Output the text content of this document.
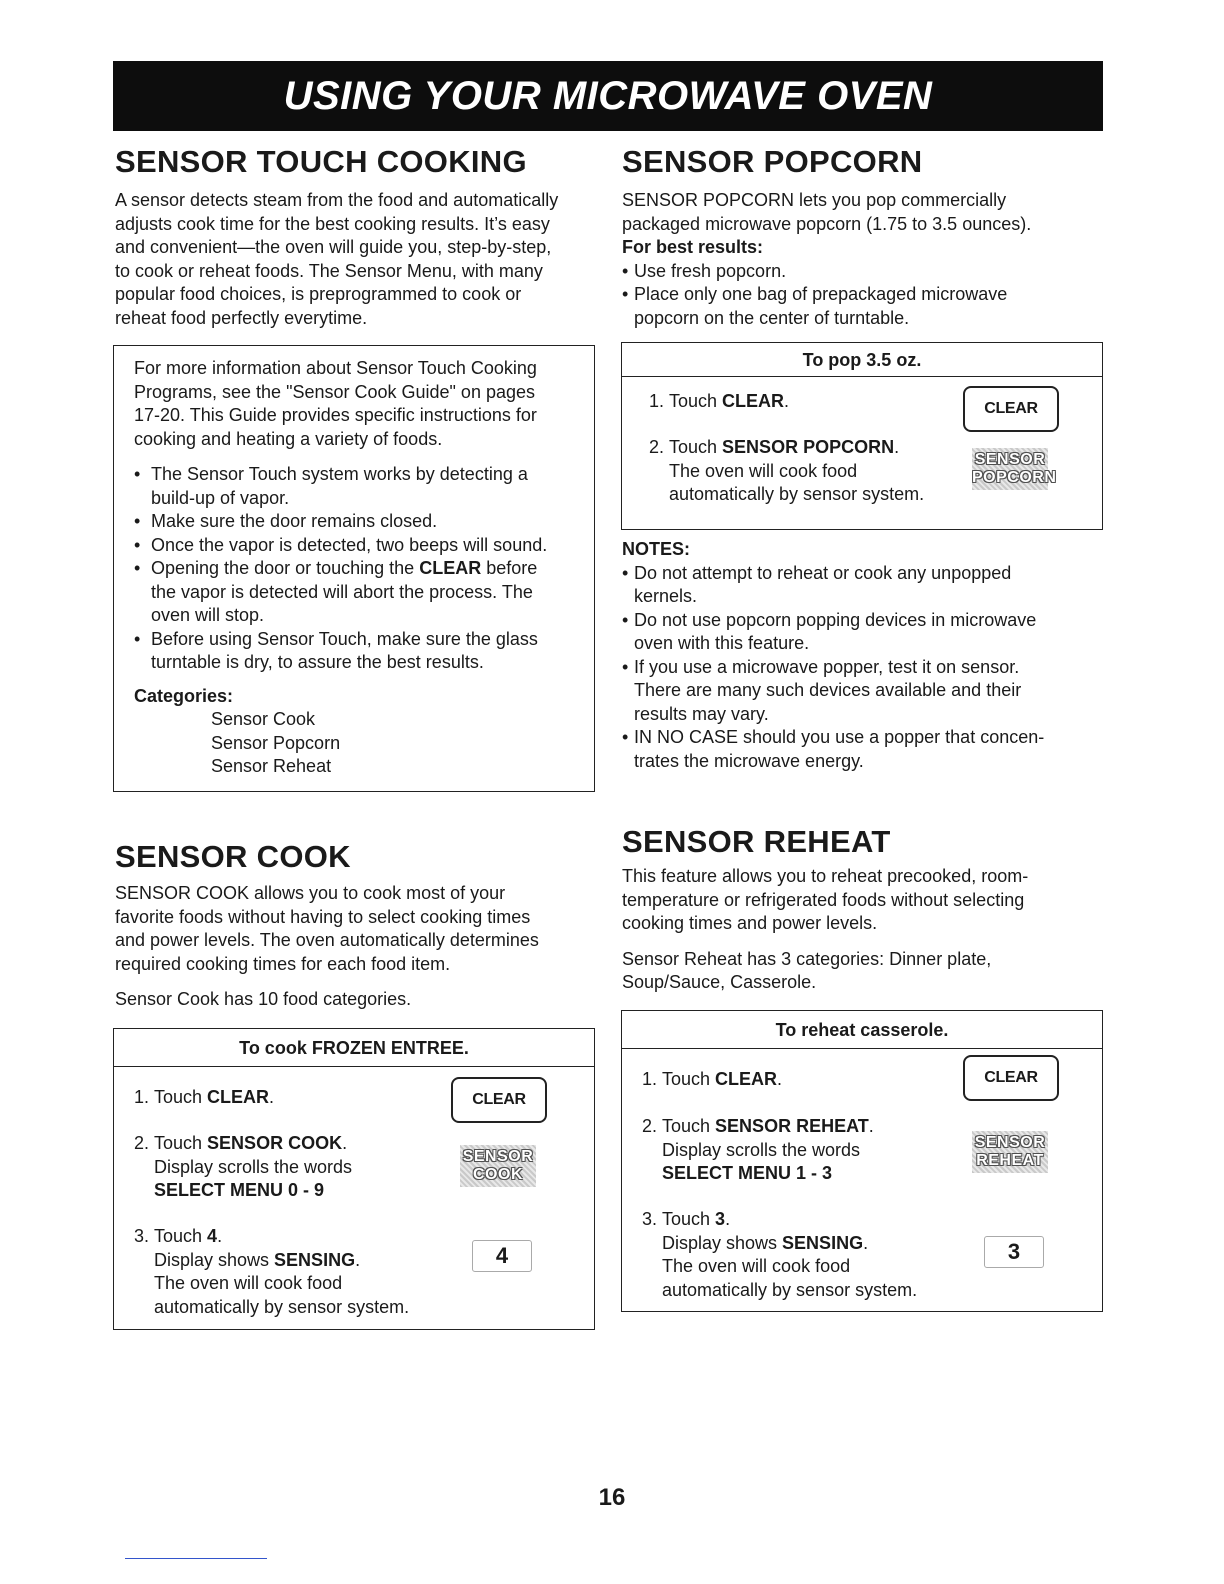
USING YOUR MICROWAVE OVEN
SENSOR TOUCH COOKING

A sensor detects steam from the food and automatically

adjusts cook time for the best cooking results. It’s easy

and convenient—the oven will guide you, step-by-step,

to cook or reheat foods. The Sensor Menu, with many

popular food choices, is preprogrammed to cook or

reheat food perfectly everytime.

For more information about Sensor Touch Cooking

Programs, see the "Sensor Cook Guide" on pages

17-20. This Guide provides specific instructions for

cooking and heating a variety of foods.

• The Sensor Touch system works by detecting a
build-up of vapor.
• Make sure the door remains closed.
• Once the vapor is detected, two beeps will sound.
• Opening the door or touching the CLEAR before
the vapor is detected will abort the process. The
oven will stop.
• Before using Sensor Touch, make sure the glass
turntable is dry, to assure the best results.

Categories:

Sensor Cook

Sensor Popcorn

Sensor Reheat

SENSOR POPCORN

SENSOR POPCORN lets you pop commercially

packaged microwave popcorn (1.75 to 3.5 ounces).

For best results:

• Use fresh popcorn.
• Place only one bag of prepackaged microwave
popcorn on the center of turntable.
To pop 3.5 oz.
1. Touch CLEAR.
2. Touch SENSOR POPCORN.
The oven will cook food
automatically by sensor system.
CLEAR
SENSOR
POPCORN

NOTES:

• Do not attempt to reheat or cook any unpopped
kernels.
• Do not use popcorn popping devices in microwave
oven with this feature.
• If you use a microwave popper, test it on sensor.
There are many such devices available and their
results may vary.
• IN NO CASE should you use a popper that concen-
trates the microwave energy.
SENSOR COOK

SENSOR COOK allows you to cook most of your

favorite foods without having to select cooking times

and power levels. The oven automatically determines

required cooking times for each food item.

Sensor Cook has 10 food categories.

To cook FROZEN ENTREE.
1. Touch CLEAR.
2. Touch SENSOR COOK.
Display scrolls the words
SELECT MENU 0 - 9
3. Touch 4.
Display shows SENSING.
The oven will cook food
automatically by sensor system.
CLEAR
SENSOR
COOK
4
SENSOR REHEAT

This feature allows you to reheat precooked, room-

temperature or refrigerated foods without selecting

cooking times and power levels.

Sensor Reheat has 3 categories: Dinner plate,

Soup/Sauce, Casserole.

To reheat casserole.
1. Touch CLEAR.
2. Touch SENSOR REHEAT.
Display scrolls the words
SELECT MENU 1 - 3
3. Touch 3.
Display shows SENSING.
The oven will cook food
automatically by sensor system.
CLEAR
SENSOR
REHEAT
3
16
